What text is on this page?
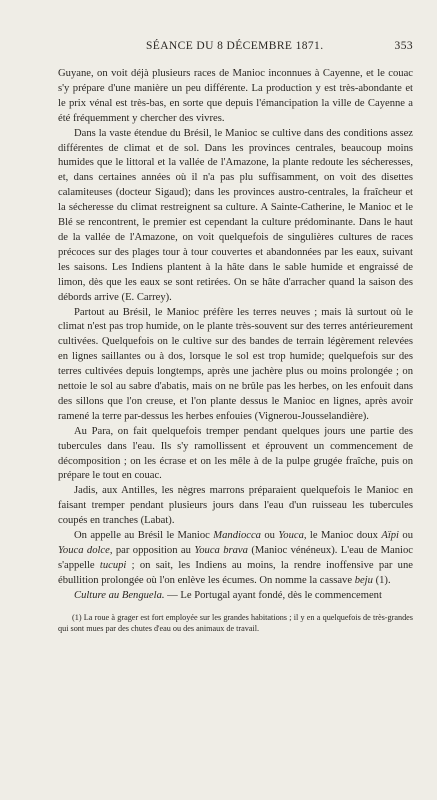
SÉANCE DU 8 DÉCEMBRE 1871.	353

Guyane, on voit déjà plusieurs races de Manioc inconnues à Cayenne, et le couac s'y prépare d'une manière un peu différente. La production y est très-abondante et le prix vénal est très-bas, en sorte que depuis l'émancipation la ville de Cayenne a été fréquemment y chercher des vivres.

Dans la vaste étendue du Brésil, le Manioc se cultive dans des conditions assez différentes de climat et de sol. Dans les provinces centrales, beaucoup moins humides que le littoral et la vallée de l'Amazone, la plante redoute les sécheresses, et, dans certaines années où il n'a pas plu suffisamment, on voit des disettes calamiteuses (docteur Sigaud); dans les provinces austro-centrales, la fraîcheur et la sécheresse du climat restreignent sa culture. A Sainte-Catherine, le Manioc et le Blé se rencontrent, le premier est cependant la culture prédominante. Dans le haut de la vallée de l'Amazone, on voit quelquefois de singulières cultures de races précoces sur des plages tour à tour couvertes et abandonnées par les eaux, suivant les saisons. Les Indiens plantent à la hâte dans le sable humide et engraissé de limon, dès que les eaux se sont retirées. On se hâte d'arracher quand la saison des débords arrive (E. Carrey).

Partout au Brésil, le Manioc préfère les terres neuves ; mais là surtout où le climat n'est pas trop humide, on le plante très-souvent sur des terres antérieurement cultivées. Quelquefois on le cultive sur des bandes de terrain légèrement relevées en lignes saillantes ou à dos, lorsque le sol est trop humide; quelquefois sur des terres cultivées depuis longtemps, après une jachère plus ou moins prolongée ; on nettoie le sol au sabre d'abatis, mais on ne brûle pas les herbes, on les enfouit dans des sillons que l'on creuse, et l'on plante dessus le Manioc en lignes, après avoir ramené la terre par-dessus les herbes enfouies (Vignerou-Jousselandière).

Au Para, on fait quelquefois tremper pendant quelques jours une partie des tubercules dans l'eau. Ils s'y ramollissent et éprouvent un commencement de décomposition ; on les écrase et on les mêle à de la pulpe grugée fraîche, puis on prépare le tout en couac.

Jadis, aux Antilles, les nègres marrons préparaient quelquefois le Manioc en faisant tremper pendant plusieurs jours dans l'eau d'un ruisseau les tubercules coupés en tranches (Labat).

On appelle au Brésil le Manioc Mandiocca ou Youca, le Manioc doux Aïpi ou Youca dolce, par opposition au Youca brava (Manioc vénéneux). L'eau de Manioc s'appelle tucupi ; on sait, les Indiens au moins, la rendre inoffensive par une ébullition prolongée où l'on enlève les écumes. On nomme la cassave beju (1).

Culture au Benguela. — Le Portugal ayant fondé, dès le commencement

(1) La roue à grager est fort employée sur les grandes habitations ; il y en a quelquefois de très-grandes qui sont mues par des chutes d'eau ou des animaux de travail.
